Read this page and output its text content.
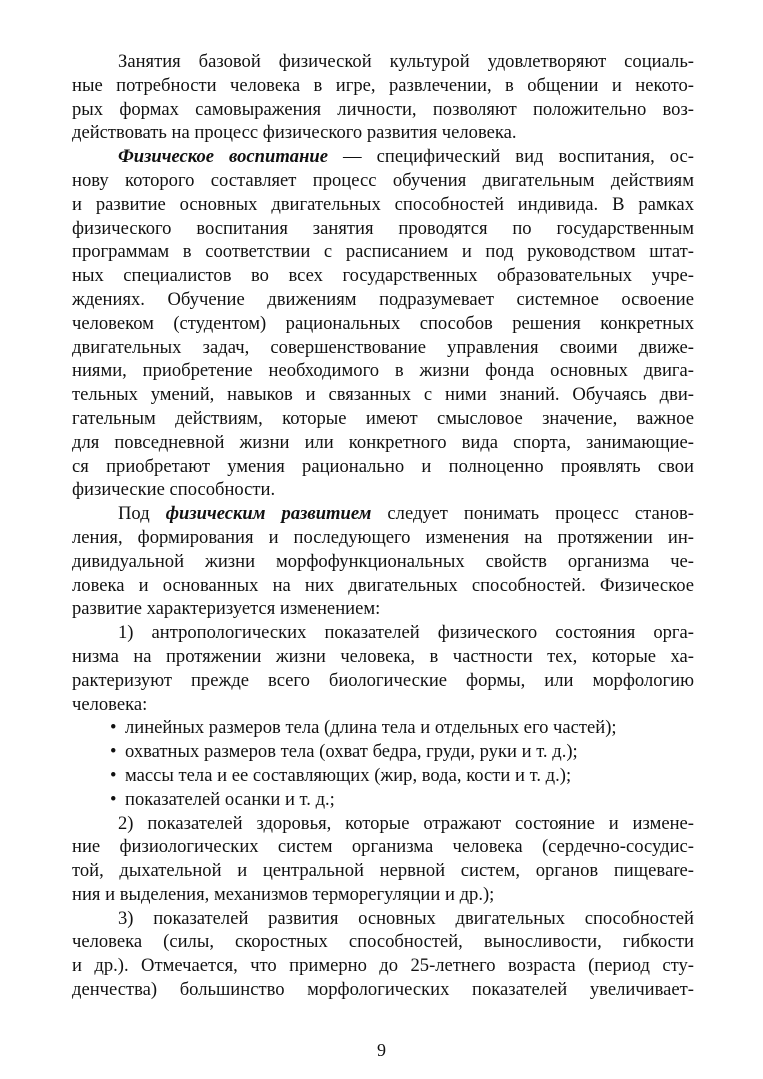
Занятия базовой физической культурой удовлетворяют социаль-
ные потребности человека в игре, развлечении, в общении и некото-
рых формах самовыражения личности, позволяют положительно воз-
действовать на процесс физического развития человека.
Физическое воспитание — специфический вид воспитания, ос-
нову которого составляет процесс обучения двигательным действиям
и развитие основных двигательных способностей индивида. В рамках
физического воспитания занятия проводятся по государственным
программам в соответствии с расписанием и под руководством штат-
ных специалистов во всех государственных образовательных учре-
ждениях. Обучение движениям подразумевает системное освоение
человеком (студентом) рациональных способов решения конкретных
двигательных задач, совершенствование управления своими движе-
ниями, приобретение необходимого в жизни фонда основных двига-
тельных умений, навыков и связанных с ними знаний. Обучаясь дви-
гательным действиям, которые имеют смысловое значение, важное
для повседневной жизни или конкретного вида спорта, занимающие-
ся приобретают умения рационально и полноценно проявлять свои
физические способности.
Под физическим развитием следует понимать процесс станов-
ления, формирования и последующего изменения на протяжении ин-
дивидуальной жизни морфофункциональных свойств организма че-
ловека и основанных на них двигательных способностей. Физическое
развитие характеризуется изменением:
1) антропологических показателей физического состояния орга-
низма на протяжении жизни человека, в частности тех, которые ха-
рактеризуют прежде всего биологические формы, или морфологию
человека:
• линейных размеров тела (длина тела и отдельных его частей);
• охватных размеров тела (охват бедра, груди, руки и т. д.);
• массы тела и ее составляющих (жир, вода, кости и т. д.);
• показателей осанки и т. д.;
2) показателей здоровья, которые отражают состояние и измене-
ние физиологических систем организма человека (сердечно-сосудис-
той, дыхательной и центральной нервной систем, органов пищевare-
ния и выделения, механизмов терморегуляции и др.);
3) показателей развития основных двигательных способностей
человека (силы, скоростных способностей, выносливости, гибкости
и др.). Отмечается, что примерно до 25-летнего возраста (период сту-
денчества) большинство морфологических показателей увеличивает-
9
